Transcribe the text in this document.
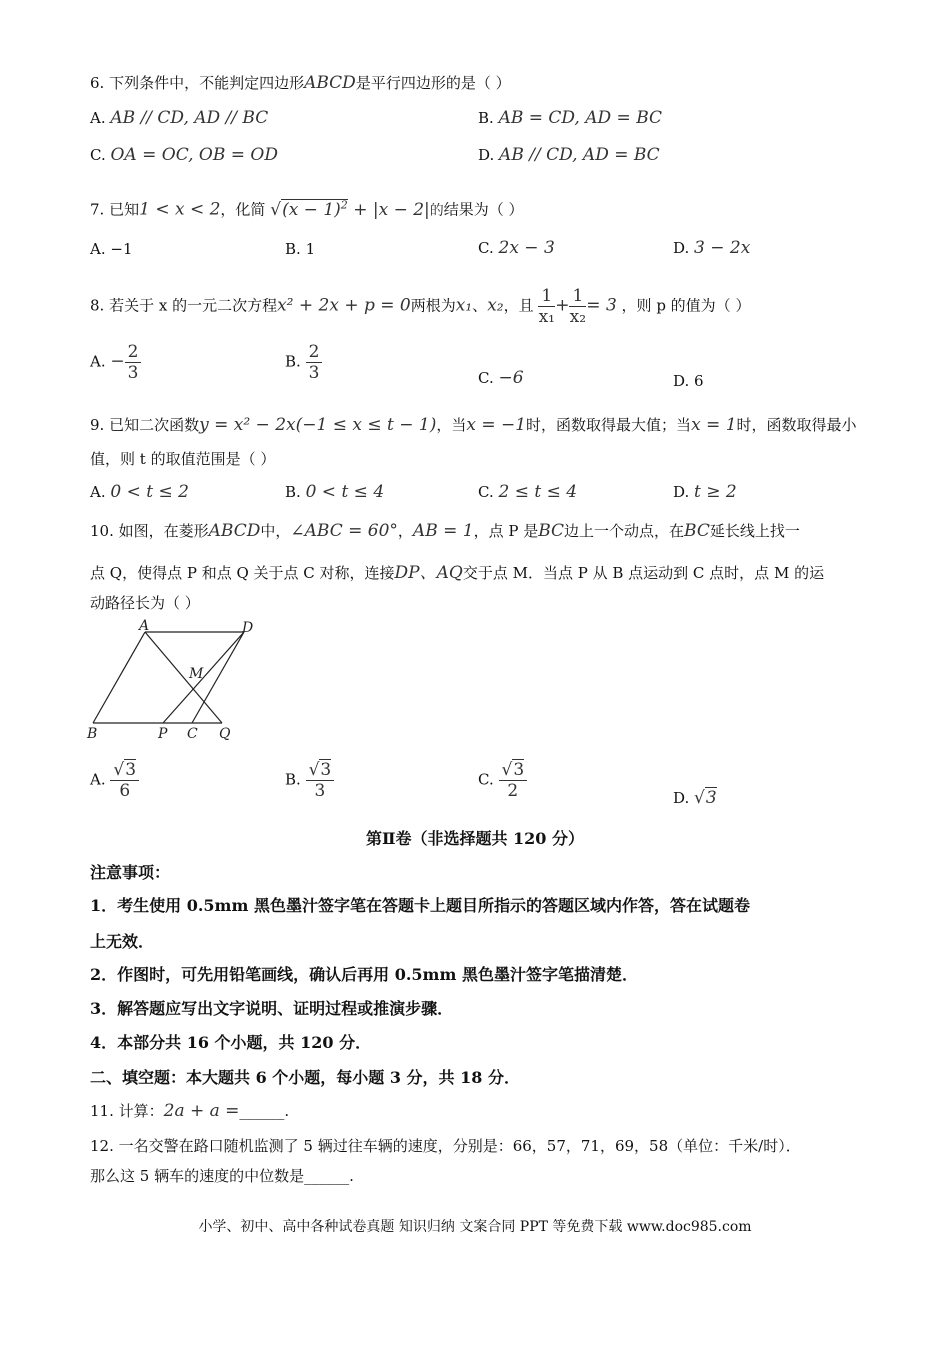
6. 下列条件中，不能判定四边形ABCD是平行四边形的是（ ）
A. AB // CD, AD // BC	B. AB = CD, AD = BC
C. OA = OC, OB = OD	D. AB // CD, AD = BC
7. 已知1 < x < 2，化简 $√(x - 1)^2 + |x - 2|$的结果为（ ）
A. −1	B. 1	C. 2x − 3	D. 3 − 2x
8. 若关于 x 的一元二次方程x² + 2x + p = 0两根为x₁、x₂，且 $\frac{1}{\text{x₁}} + \frac{1}{\text{x₂}} = 3$ ，则 p 的值为（ ）
A. − $\frac{2}{3}$	B. $\frac{2}{3}$	C. −6	D. 6
9. 已知二次函数y = x² − 2x(−1 ≤ x ≤ t − 1)，当x = −1时，函数取得最大值；当x = 1时，函数取得最小
值，则 t 的取值范围是（ ）
A. 0 < t ≤ 2	B. 0 < t ≤ 4	C. 2 ≤ t ≤ 4	D. t ≥ 2
10. 如图，在菱形ABCD中，∠ABC = 60°，AB = 1，点 P 是BC边上一个动点，在BC延长线上找一
点 Q，使得点 P 和点 Q 关于点 C 对称，连接DP、AQ交于点 M．当点 P 从 B 点运动到 C 点时，点 M 的运
动路径长为（ ）
A	D
M
B	P C Q
A. $\frac{√3}{6}$	B. $\frac{√3}{3}$	C. $\frac{√3}{2}$	D. √3
第Ⅱ卷（非选择题共 120 分）
注意事项：
1．考生使用 0.5mm 黑色墨汁签字笔在答题卡上题目所指示的答题区域内作答，答在试题卷
上无效．
2．作图时，可先用铅笔画线，确认后再用 0.5mm 黑色墨汁签字笔描清楚．
3．解答题应写出文字说明、证明过程或推演步骤．
4．本部分共 16 个小题，共 120 分．
二、填空题：本大题共 6 个小题，每小题 3 分，共 18 分．
11. 计算：2a + a =______.
12. 一名交警在路口随机监测了 5 辆过往车辆的速度，分别是：66，57，71，69，58（单位：千米/时）．
那么这 5 辆车的速度的中位数是______.
小学、初中、高中各种试卷真题 知识归纳 文案合同 PPT 等免费下载 www.doc985.com
